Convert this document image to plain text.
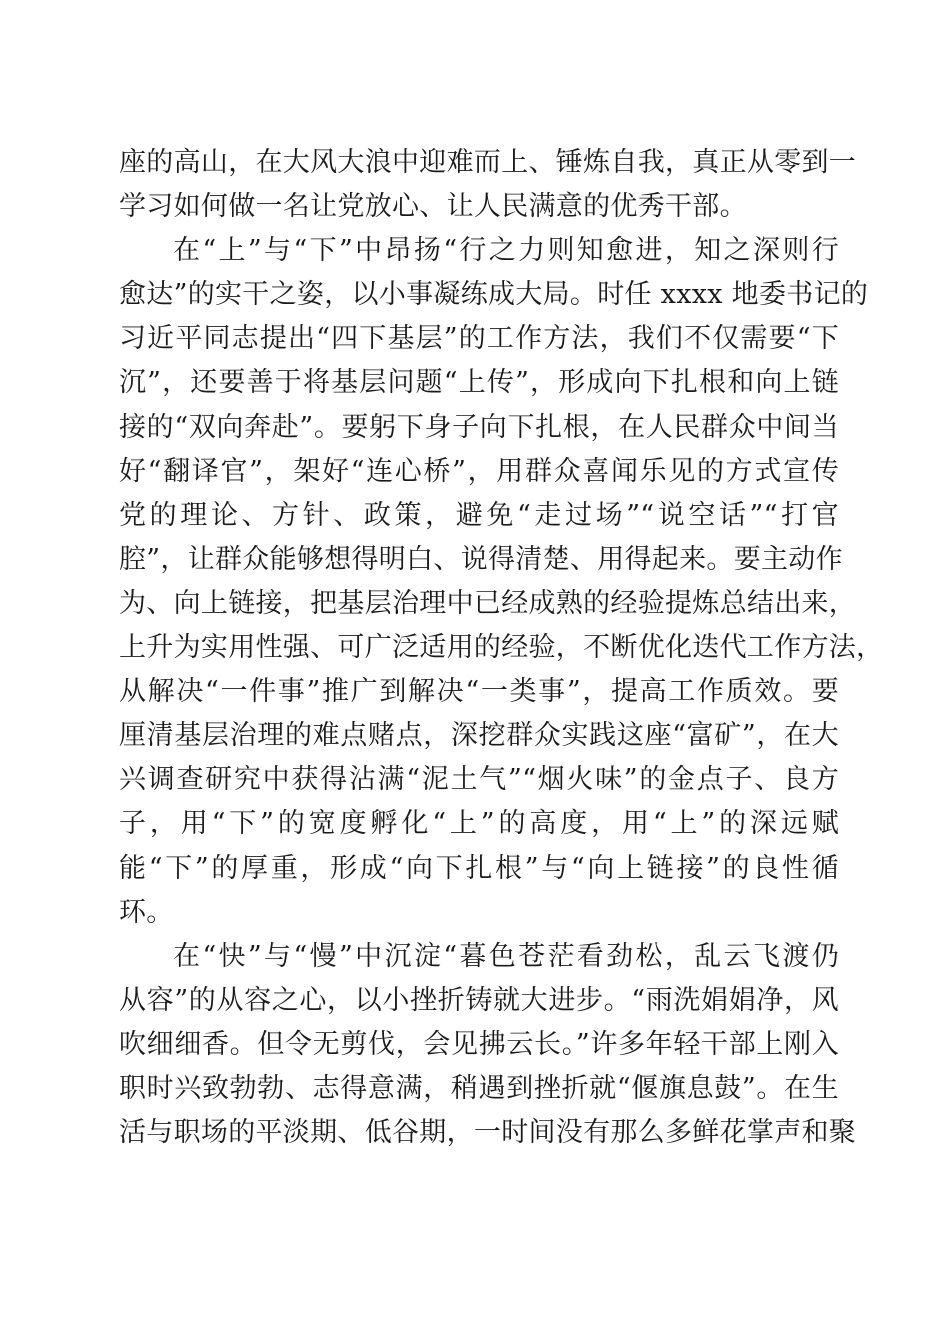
座的高山，在大风大浪中迎难而上、锤炼自我，真正从零到一
学习如何做一名让党放心、让人民满意的优秀干部。
在“上”与“下”中昂扬“行之力则知愈进，知之深则行
愈达”的实干之姿，以小事凝练成大局。时任 xxxx 地委书记的
习近平同志提出“四下基层”的工作方法，我们不仅需要“下
沉”，还要善于将基层问题“上传”，形成向下扎根和向上链
接的“双向奔赴”。要躬下身子向下扎根，在人民群众中间当
好“翻译官”，架好“连心桥”，用群众喜闻乐见的方式宣传
党的理论、方针、政策，避免“走过场”“说空话”“打官
腔”，让群众能够想得明白、说得清楚、用得起来。要主动作
为、向上链接，把基层治理中已经成熟的经验提炼总结出来，
上升为实用性强、可广泛适用的经验，不断优化迭代工作方法，
从解决“一件事”推广到解决“一类事”，提高工作质效。要
厘清基层治理的难点赌点，深挖群众实践这座“富矿”，在大
兴调查研究中获得沾满“泥土气”“烟火味”的金点子、良方
子，用“下”的宽度孵化“上”的高度，用“上”的深远赋
能“下”的厚重，形成“向下扎根”与“向上链接”的良性循
环。
在“快”与“慢”中沉淀“暮色苍茫看劲松，乱云飞渡仍
从容”的从容之心，以小挫折铸就大进步。“雨洗娟娟净，风
吹细细香。但令无剪伐，会见拂云长。”许多年轻干部上刚入
职时兴致勃勃、志得意满，稍遇到挫折就“偃旗息鼓”。在生
活与职场的平淡期、低谷期，一时间没有那么多鲜花掌声和聚
